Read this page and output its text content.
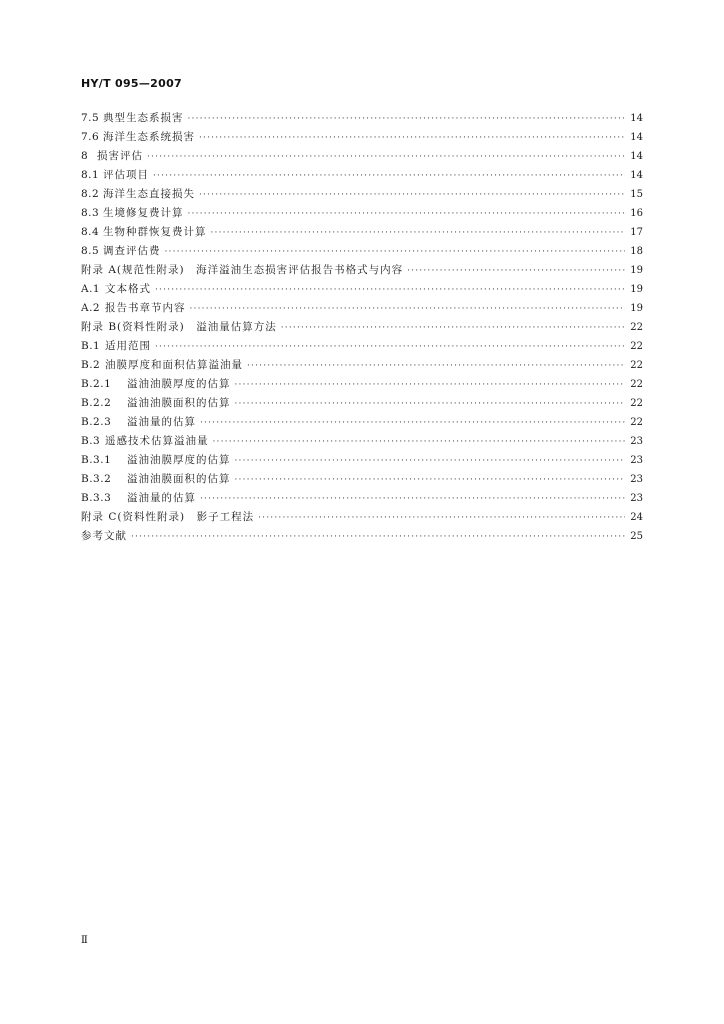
HY/T 095—2007
7.5 典型生态系损害 ·····	14
7.6 海洋生态系统损害 ·····	14
8 损害评估 ·····	14
8.1 评估项目 ·····	14
8.2 海洋生态直接损失 ·····	15
8.3 生境修复费计算 ·····	16
8.4 生物种群恢复费计算 ·····	17
8.5 调查评估费 ·····	18
附录 A(规范性附录)　海洋溢油生态损害评估报告书格式与内容 ·····	19
A.1 文本格式 ·····	19
A.2 报告书章节内容 ·····	19
附录 B(资料性附录)　溢油量估算方法 ·····	22
B.1 适用范围 ·····	22
B.2 油膜厚度和面积估算溢油量 ·····	22
B.2.1	溢油油膜厚度的估算 ·····	22
B.2.2	溢油油膜面积的估算 ·····	22
B.2.3	溢油量的估算 ·····	22
B.3 遥感技术估算溢油量 ·····	23
B.3.1	溢油油膜厚度的估算 ·····	23
B.3.2	溢油油膜面积的估算 ·····	23
B.3.3	溢油量的估算 ·····	23
附录 C(资料性附录)　影子工程法 ·····	24
参考文献 ·····	25
Ⅱ
